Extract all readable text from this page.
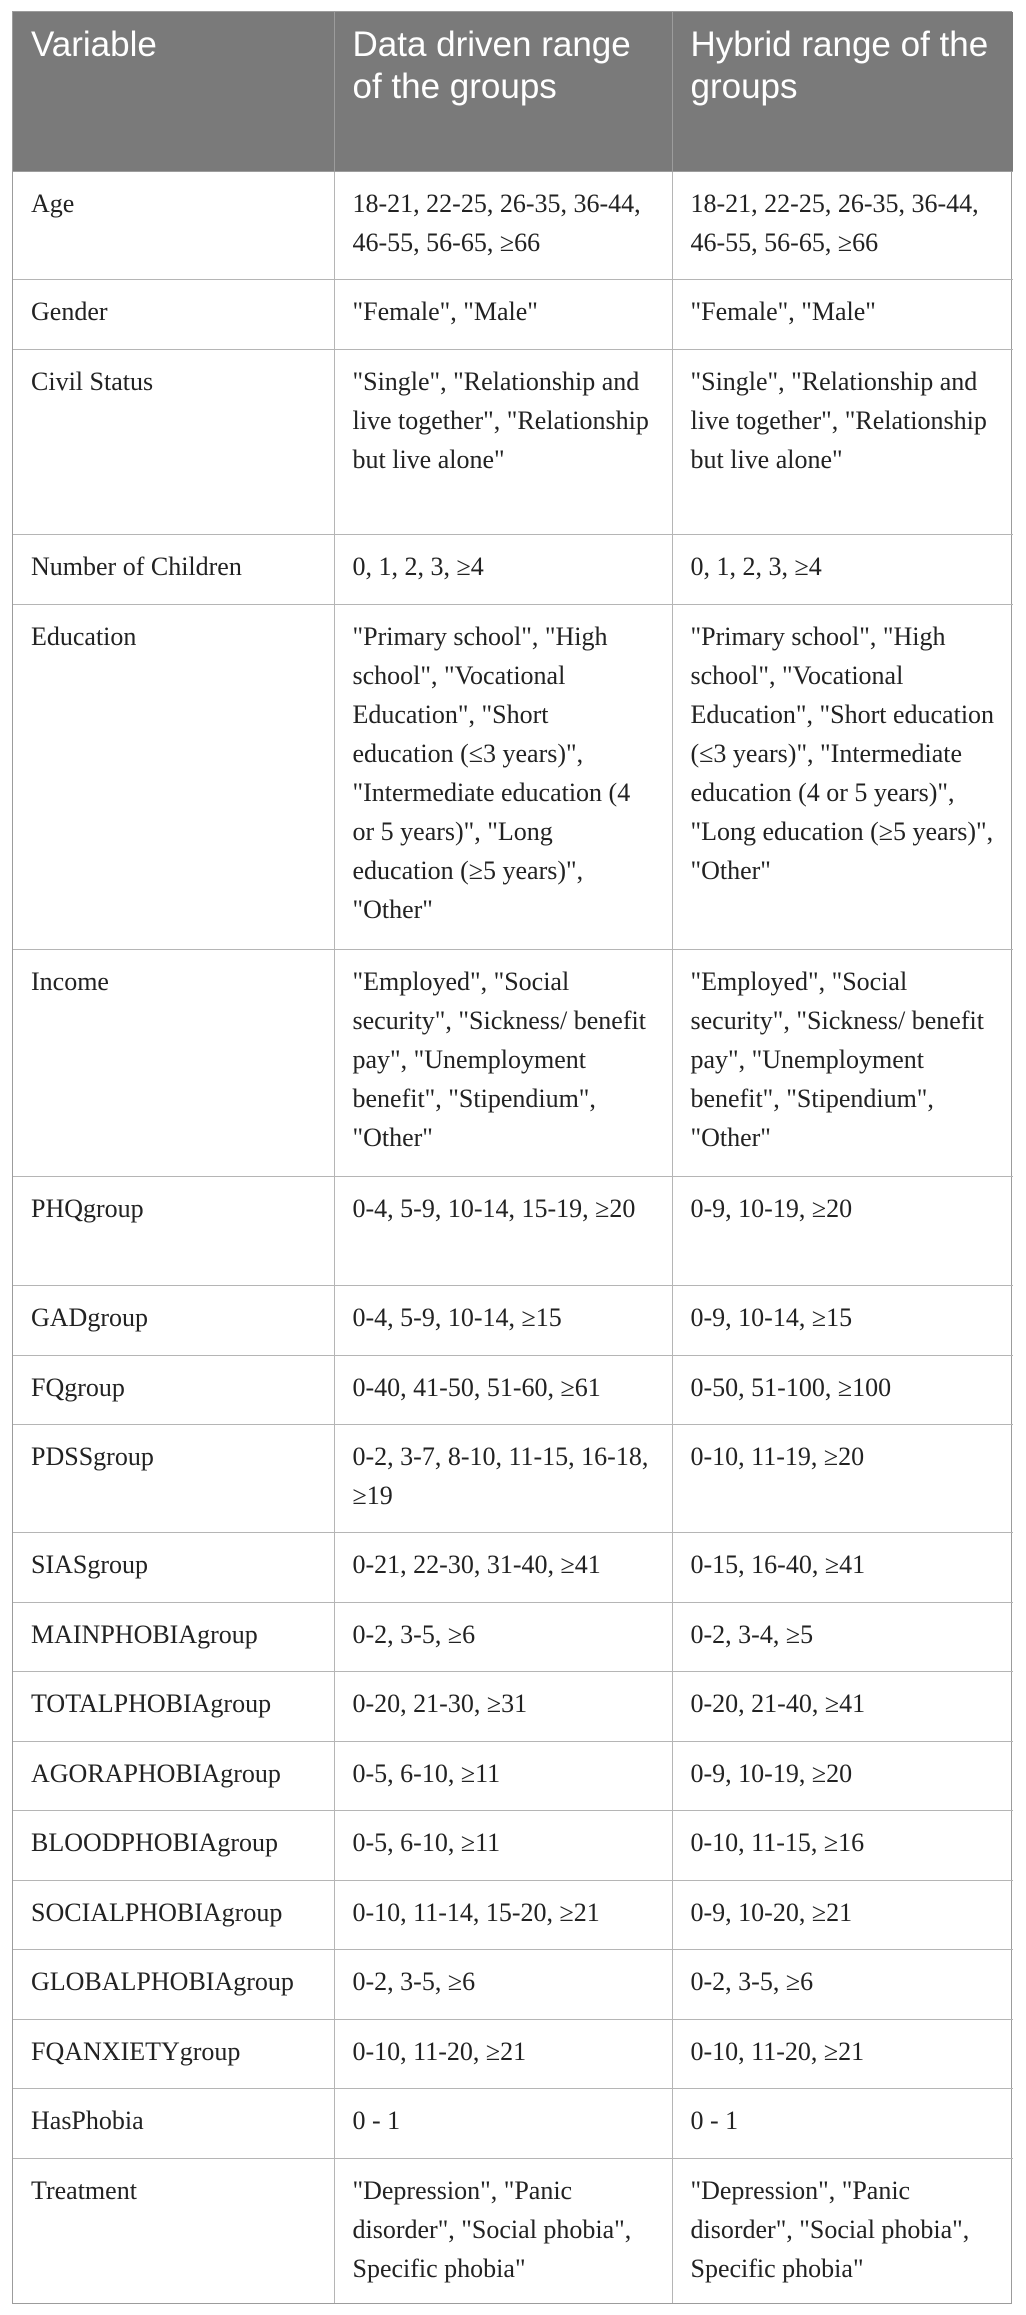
Variable	Data driven range of the groups	Hybrid range of the groups
Age	18-21, 22-25, 26-35, 36-44, 46-55, 56-65, ≥66	18-21, 22-25, 26-35, 36-44, 46-55, 56-65, ≥66
Gender	"Female", "Male"	"Female", "Male"
Civil Status	"Single", "Relationship and live together", "Relationship but live alone"	"Single", "Relationship and live together", "Relationship but live alone"
Number of Children	0, 1, 2, 3, ≥4	0, 1, 2, 3, ≥4
Education	"Primary school", "High school", "Vocational Education", "Short education (≤3 years)", "Intermediate education (4 or 5 years)", "Long education (≥5 years)", "Other"	"Primary school", "High school", "Vocational Education", "Short education (≤3 years)", "Intermediate education (4 or 5 years)", "Long education (≥5 years)", "Other"
Income	"Employed", "Social security", "Sickness/ benefit pay", "Unemployment benefit", "Stipendium", "Other"	"Employed", "Social security", "Sickness/ benefit pay", "Unemployment benefit", "Stipendium", "Other"
PHQgroup	0-4, 5-9, 10-14, 15-19, ≥20	0-9, 10-19, ≥20
GADgroup	0-4, 5-9, 10-14, ≥15	0-9, 10-14, ≥15
FQgroup	0-40, 41-50, 51-60, ≥61	0-50, 51-100, ≥100
PDSSgroup	0-2, 3-7, 8-10, 11-15, 16-18, ≥19	0-10, 11-19, ≥20
SIASgroup	0-21, 22-30, 31-40, ≥41	0-15, 16-40, ≥41
MAINPHOBIAgroup	0-2, 3-5, ≥6	0-2, 3-4, ≥5
TOTALPHOBIAgroup	0-20, 21-30, ≥31	0-20, 21-40, ≥41
AGORAPHOBIAgroup	0-5, 6-10, ≥11	0-9, 10-19, ≥20
BLOODPHOBIAgroup	0-5, 6-10, ≥11	0-10, 11-15, ≥16
SOCIALPHOBIAgroup	0-10, 11-14, 15-20, ≥21	0-9, 10-20, ≥21
GLOBALPHOBIAgroup	0-2, 3-5, ≥6	0-2, 3-5, ≥6
FQANXIETYgroup	0-10, 11-20, ≥21	0-10, 11-20, ≥21
HasPhobia	0 - 1	0 - 1
Treatment	"Depression", "Panic disorder", "Social phobia", Specific phobia"	"Depression", "Panic disorder", "Social phobia", Specific phobia"
